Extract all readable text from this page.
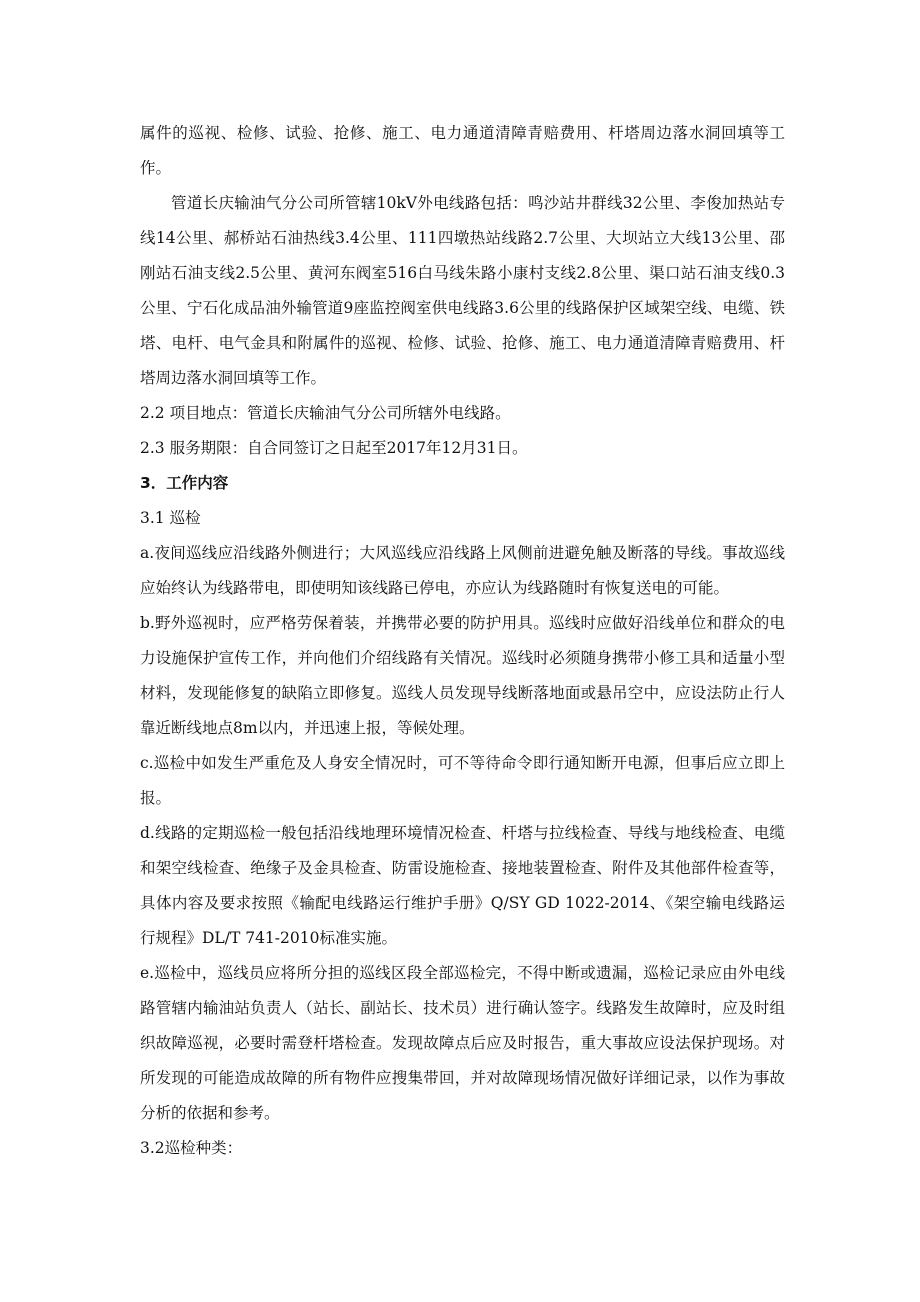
属件的巡视、检修、试验、抢修、施工、电力通道清障青赔费用、杆塔周边落水洞回填等工作。

管道长庆输油气分公司所管辖10kV外电线路包括：鸣沙站井群线32公里、李俊加热站专线14公里、郝桥站石油热线3.4公里、111四墩热站线路2.7公里、大坝站立大线13公里、邵刚站石油支线2.5公里、黄河东阀室516白马线朱路小康村支线2.8公里、渠口站石油支线0.3公里、宁石化成品油外输管道9座监控阀室供电线路3.6公里的线路保护区域架空线、电缆、铁塔、电杆、电气金具和附属件的巡视、检修、试验、抢修、施工、电力通道清障青赔费用、杆塔周边落水洞回填等工作。

2.2 项目地点：管道长庆输油气分公司所辖外电线路。

2.3 服务期限：自合同签订之日起至2017年12月31日。

3．工作内容

3.1 巡检

a.夜间巡线应沿线路外侧进行；大风巡线应沿线路上风侧前进避免触及断落的导线。事故巡线应始终认为线路带电，即使明知该线路已停电，亦应认为线路随时有恢复送电的可能。

b.野外巡视时，应严格劳保着装，并携带必要的防护用具。巡线时应做好沿线单位和群众的电力设施保护宣传工作，并向他们介绍线路有关情况。巡线时必须随身携带小修工具和适量小型材料，发现能修复的缺陷立即修复。巡线人员发现导线断落地面或悬吊空中，应设法防止行人靠近断线地点8m以内，并迅速上报，等候处理。

c.巡检中如发生严重危及人身安全情况时，可不等待命令即行通知断开电源，但事后应立即上报。

d.线路的定期巡检一般包括沿线地理环境情况检查、杆塔与拉线检查、导线与地线检查、电缆和架空线检查、绝缘子及金具检查、防雷设施检查、接地装置检查、附件及其他部件检查等，具体内容及要求按照《输配电线路运行维护手册》Q/SY GD 1022-2014、《架空输电线路运行规程》DL/T 741-2010标准实施。

e.巡检中，巡线员应将所分担的巡线区段全部巡检完，不得中断或遗漏，巡检记录应由外电线路管辖内输油站负责人（站长、副站长、技术员）进行确认签字。线路发生故障时，应及时组织故障巡视，必要时需登杆塔检查。发现故障点后应及时报告，重大事故应设法保护现场。对所发现的可能造成故障的所有物件应搜集带回，并对故障现场情况做好详细记录，以作为事故分析的依据和参考。

3.2巡检种类：
